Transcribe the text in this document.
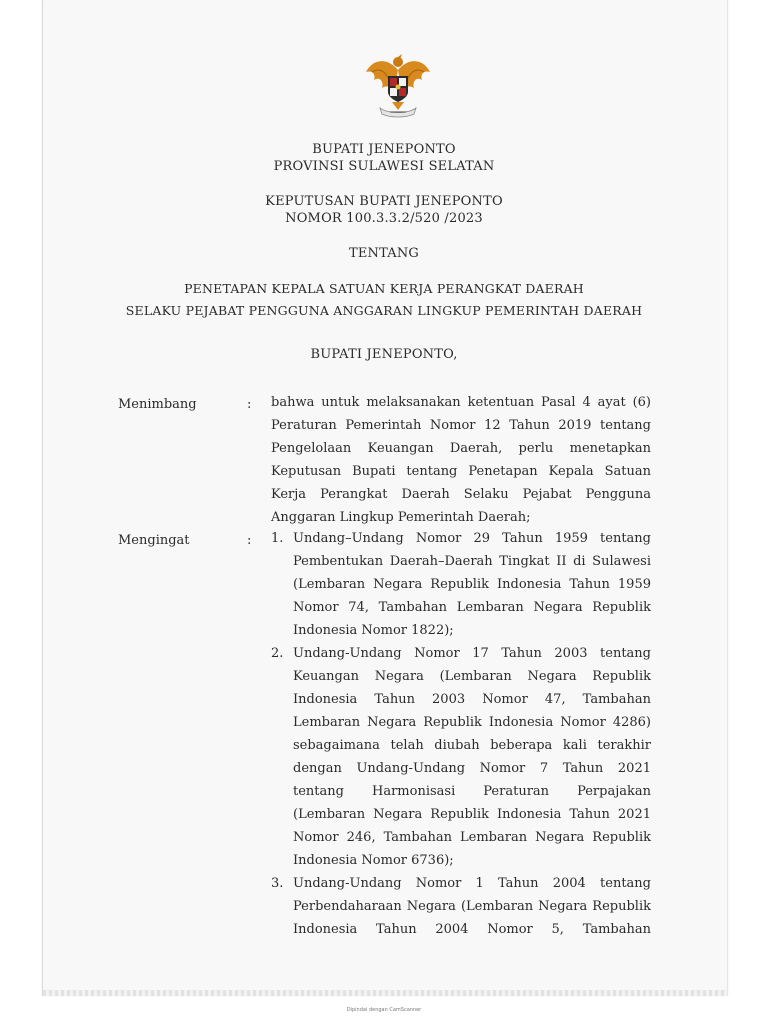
BUPATI JENEPONTO
PROVINSI SULAWESI SELATAN
KEPUTUSAN BUPATI JENEPONTO
NOMOR 100.3.3.2/520 /2023
TENTANG
PENETAPAN KEPALA SATUAN KERJA PERANGKAT DAERAH
SELAKU PEJABAT PENGGUNA ANGGARAN LINGKUP PEMERINTAH DAERAH
BUPATI JENEPONTO,
Menimbang	: bahwa untuk melaksanakan ketentuan Pasal 4 ayat (6)
Peraturan Pemerintah Nomor 12 Tahun 2019 tentang
Pengelolaan Keuangan Daerah, perlu menetapkan
Keputusan Bupati tentang Penetapan Kepala Satuan
Kerja Perangkat Daerah Selaku Pejabat Pengguna
Anggaran Lingkup Pemerintah Daerah;
Mengingat	: 1. Undang–Undang Nomor 29 Tahun 1959 tentang
Pembentukan Daerah–Daerah Tingkat II di Sulawesi
(Lembaran Negara Republik Indonesia Tahun 1959
Nomor 74, Tambahan Lembaran Negara Republik
Indonesia Nomor 1822);
2. Undang-Undang Nomor 17 Tahun 2003 tentang
Keuangan Negara (Lembaran Negara Republik
Indonesia Tahun 2003 Nomor 47, Tambahan
Lembaran Negara Republik Indonesia Nomor 4286)
sebagaimana telah diubah beberapa kali terakhir
dengan Undang-Undang Nomor 7 Tahun 2021
tentang Harmonisasi Peraturan Perpajakan
(Lembaran Negara Republik Indonesia Tahun 2021
Nomor 246, Tambahan Lembaran Negara Republik
Indonesia Nomor 6736);
3. Undang-Undang Nomor 1 Tahun 2004 tentang
Perbendaharaan Negara (Lembaran Negara Republik
Indonesia Tahun 2004 Nomor 5, Tambahan
Dipindai dengan CamScanner
